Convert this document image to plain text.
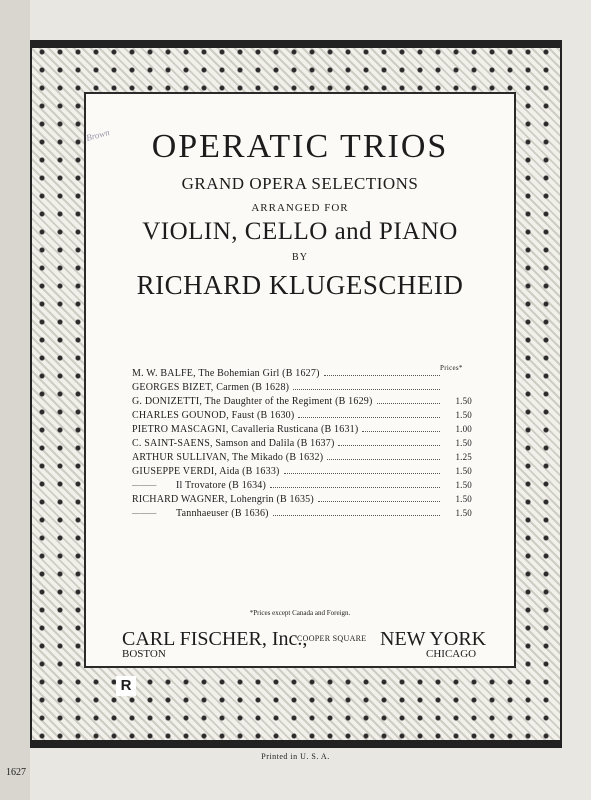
Brown	OPERATIC TRIOS
GRAND OPERA SELECTIONS
ARRANGED FOR
VIOLIN, CELLO and PIANO
BY
RICHARD KLUGESCHEID
Prices*
M. W. BALFE, The Bohemian Girl (B 1627)
GEORGES BIZET, Carmen (B 1628)
G. DONIZETTI, The Daughter of the Regiment (B 1629)	1.50
CHARLES GOUNOD, Faust (B 1630)	1.50
PIETRO MASCAGNI, Cavalleria Rusticana (B 1631)	1.00
C. SAINT-SAENS, Samson and Dalila (B 1637)	1.50
ARTHUR SULLIVAN, The Mikado (B 1632)	1.25
GIUSEPPE VERDI, Aida (B 1633)	1.50
——— Il Trovatore (B 1634)	1.50
RICHARD WAGNER, Lohengrin (B 1635)	1.50
——— Tannhaeuser (B 1636)	1.50
*Prices except Canada and Foreign.
CARL FISCHER, Inc.,
COOPER SQUARE NEW YORK
BOSTON	CHICAGO
R
Printed in U. S. A.
1627
